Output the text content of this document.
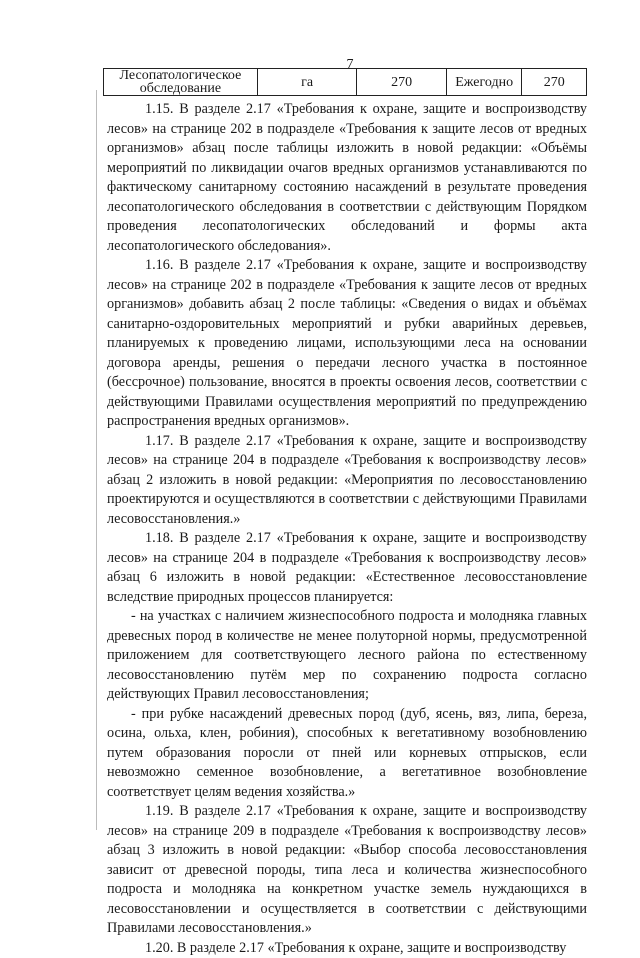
7
Лесопатологическое обследование	га	270	Ежегодно	270

1.15. В разделе 2.17 «Требования к охране, защите и воспроизводству лесов» на странице 202 в подразделе «Требования к защите лесов от вредных организмов» абзац после таблицы изложить в новой редакции: «Объёмы мероприятий по ликвидации очагов вредных организмов устанавливаются по фактическому санитарному состоянию насаждений в результате проведения лесопатологического обследования в соответствии с действующим Порядком проведения лесопатологических обследований и формы акта лесопатологического обследования».

1.16. В разделе 2.17 «Требования к охране, защите и воспроизводству лесов» на странице 202 в подразделе «Требования к защите лесов от вредных организмов» добавить абзац 2 после таблицы: «Сведения о видах и объёмах санитарно-оздоровительных мероприятий и рубки аварийных деревьев, планируемых к проведению лицами, использующими леса на основании договора аренды, решения о передачи лесного участка в постоянное (бессрочное) пользование, вносятся в проекты освоения лесов, соответствии с действующими Правилами осуществления мероприятий по предупреждению распространения вредных организмов».

1.17. В разделе 2.17 «Требования к охране, защите и воспроизводству лесов» на странице 204 в подразделе «Требования к воспроизводству лесов» абзац 2 изложить в новой редакции: «Мероприятия по лесовосстановлению проектируются и осуществляются в соответствии с действующими Правилами лесовосстановления.»

1.18. В разделе 2.17 «Требования к охране, защите и воспроизводству лесов» на странице 204 в подразделе «Требования к воспроизводству лесов» абзац 6 изложить в новой редакции: «Естественное лесовосстановление вследствие природных процессов планируется:

- на участках с наличием жизнеспособного подроста и молодняка главных древесных пород в количестве не менее полуторной нормы, предусмотренной приложением для соответствующего лесного района по естественному лесовосстановлению путём мер по сохранению подроста согласно действующих Правил лесовосстановления;

- при рубке насаждений древесных пород (дуб, ясень, вяз, липа, береза, осина, ольха, клен, робиния), способных к вегетативному возобновлению путем образования поросли от пней или корневых отпрысков, если невозможно семенное возобновление, а вегетативное возобновление соответствует целям ведения хозяйства.»

1.19. В разделе 2.17 «Требования к охране, защите и воспроизводству лесов» на странице 209 в подразделе «Требования к воспроизводству лесов» абзац 3 изложить в новой редакции: «Выбор способа лесовосстановления зависит от древесной породы, типа леса и количества жизнеспособного подроста и молодняка на конкретном участке земель нуждающихся в лесовосстановлении и осуществляется в соответствии с действующими Правилами лесовосстановления.»

1.20. В разделе 2.17 «Требования к охране, защите и воспроизводству
